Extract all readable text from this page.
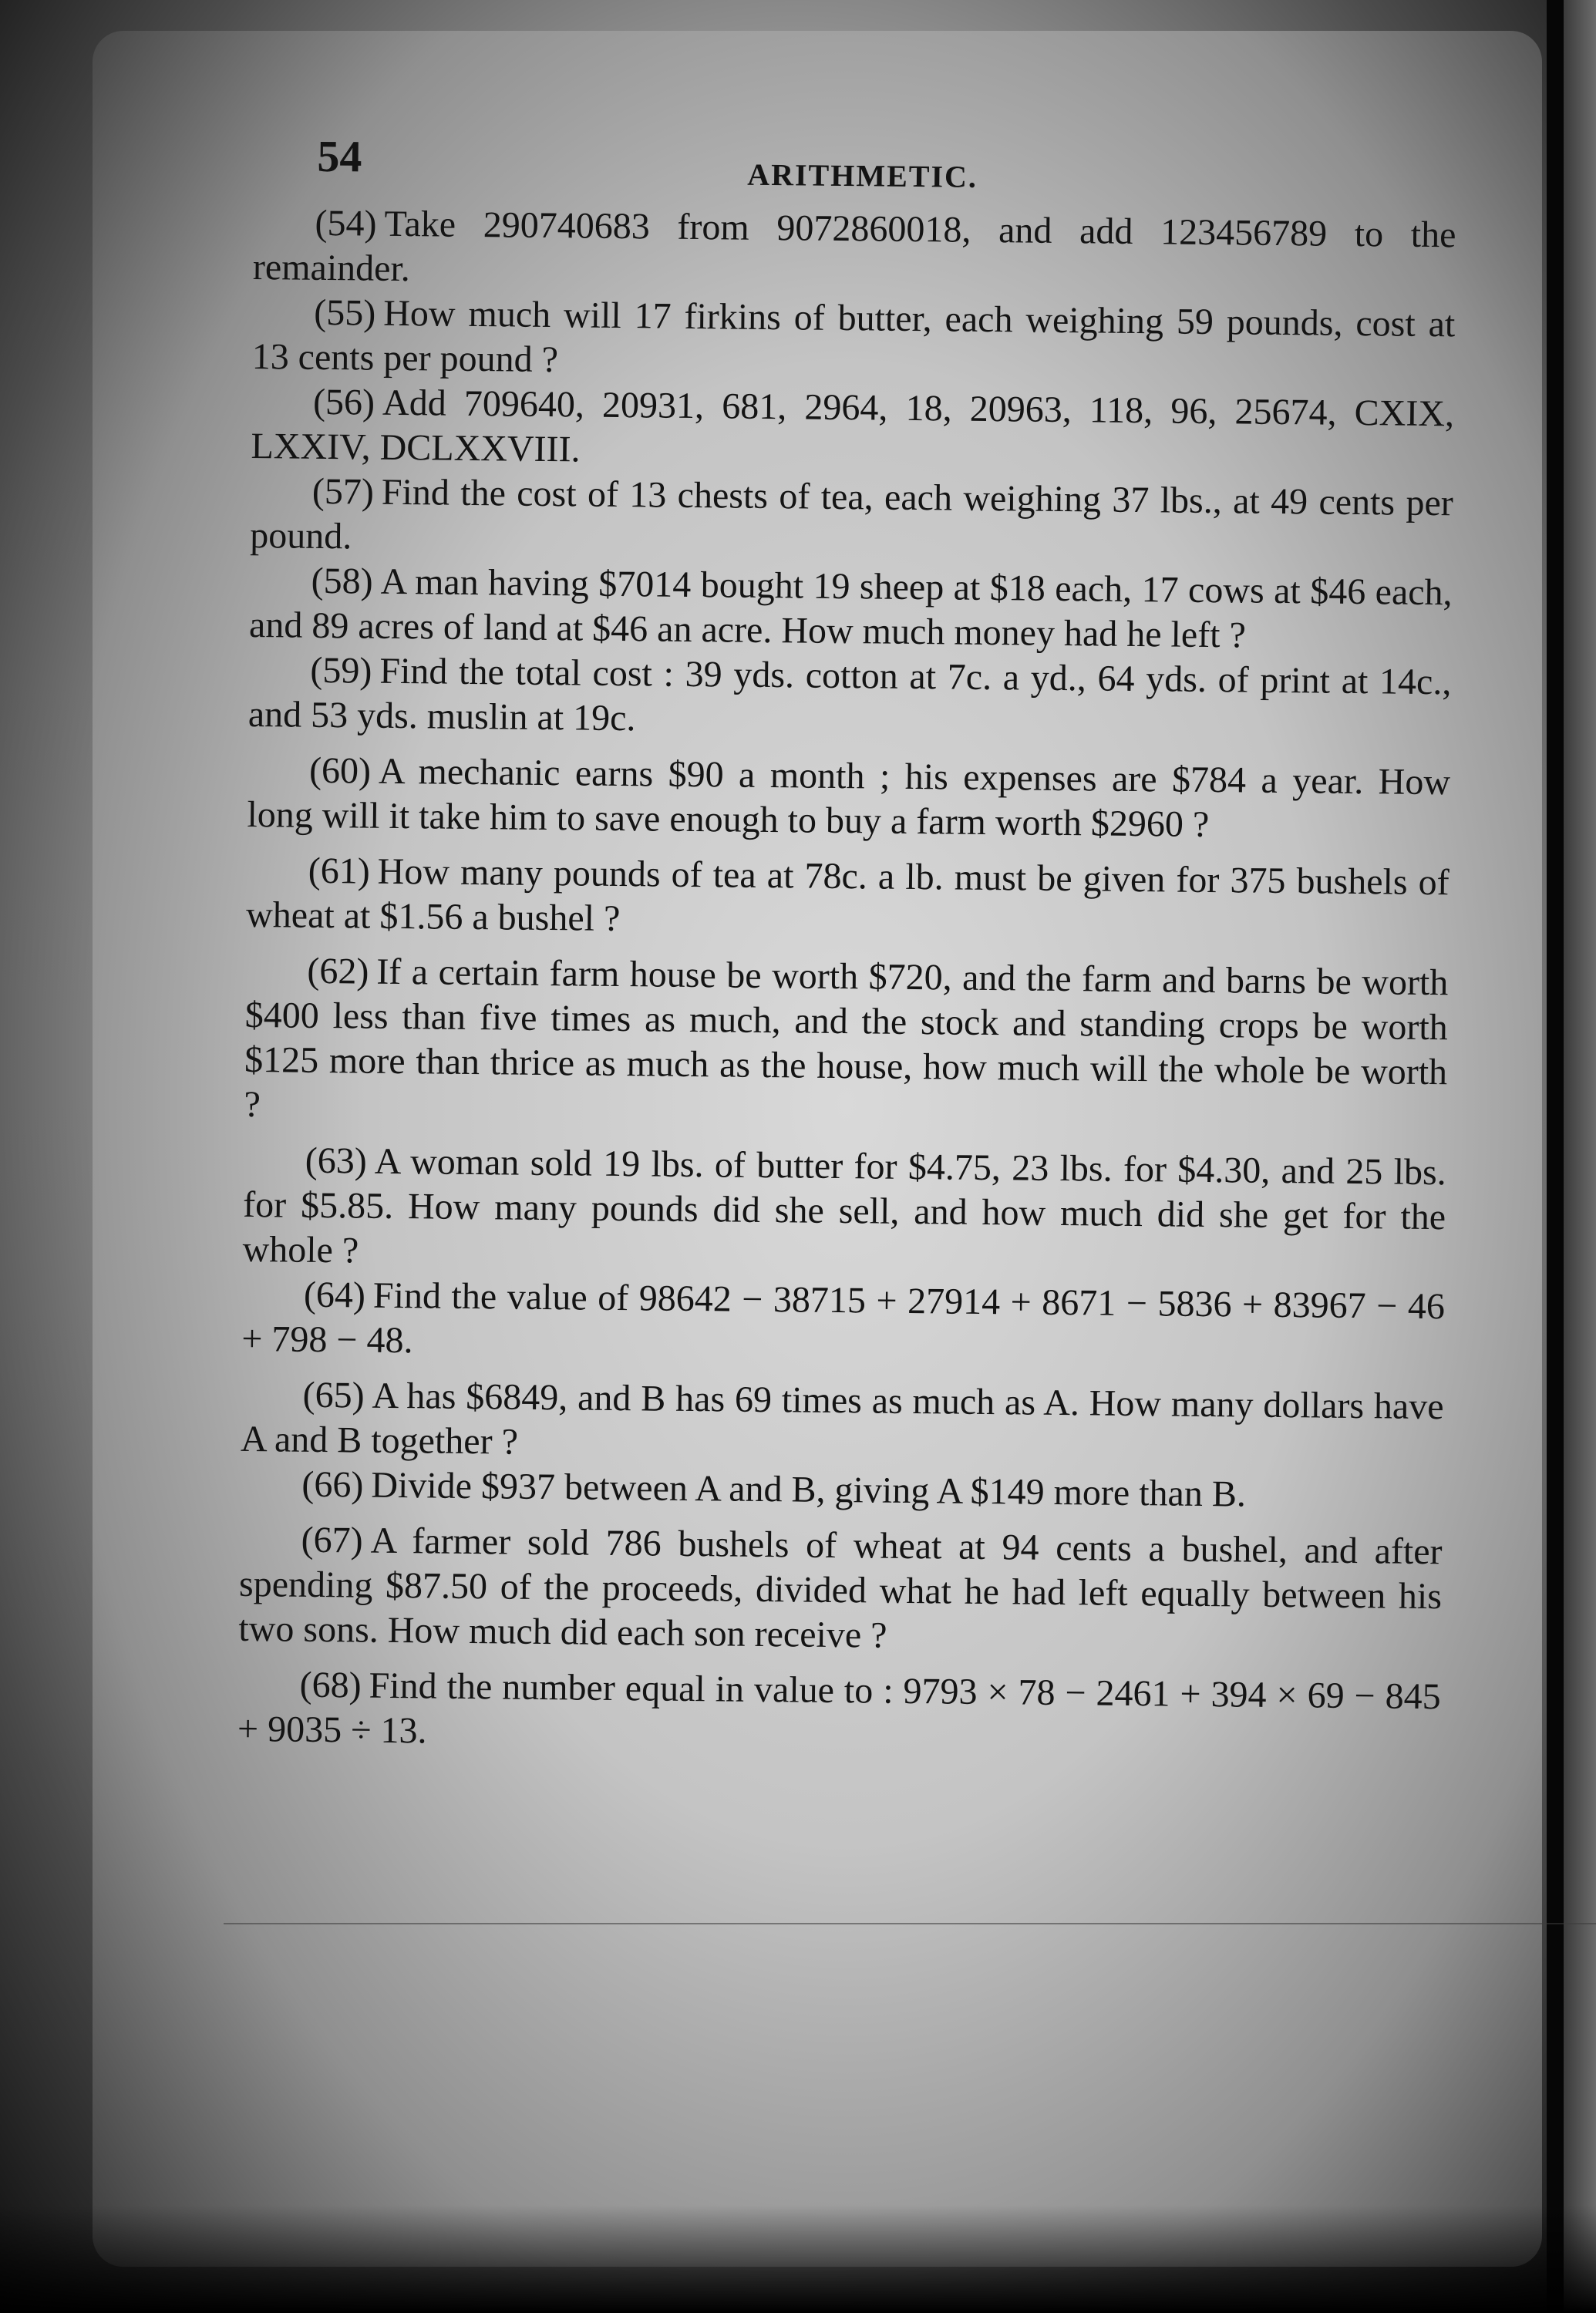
54	ARITHMETIC.

(54) Take 290740683 from 9072860018, and add 123456789 to the remainder.

(55) How much will 17 firkins of butter, each weighing 59 pounds, cost at 13 cents per pound ?

(56) Add 709640, 20931, 681, 2964, 18, 20963, 118, 96, 25674, CXIX, LXXIV, DCLXXVIII.

(57) Find the cost of 13 chests of tea, each weighing 37 lbs., at 49 cents per pound.

(58) A man having $7014 bought 19 sheep at $18 each, 17 cows at $46 each, and 89 acres of land at $46 an acre. How much money had he left ?

(59) Find the total cost : 39 yds. cotton at 7c. a yd., 64 yds. of print at 14c., and 53 yds. muslin at 19c.

(60) A mechanic earns $90 a month ; his expenses are $784 a year. How long will it take him to save enough to buy a farm worth $2960 ?

(61) How many pounds of tea at 78c. a lb. must be given for 375 bushels of wheat at $1.56 a bushel ?

(62) If a certain farm house be worth $720, and the farm and barns be worth $400 less than five times as much, and the stock and standing crops be worth $125 more than thrice as much as the house, how much will the whole be worth ?

(63) A woman sold 19 lbs. of butter for $4.75, 23 lbs. for $4.30, and 25 lbs. for $5.85. How many pounds did she sell, and how much did she get for the whole ?

(64) Find the value of 98642 − 38715 + 27914 + 8671 − 5836 + 83967 − 46 + 798 − 48.

(65) A has $6849, and B has 69 times as much as A. How many dollars have A and B together ?

(66) Divide $937 between A and B, giving A $149 more than B.

(67) A farmer sold 786 bushels of wheat at 94 cents a bushel, and after spending $87.50 of the proceeds, divided what he had left equally between his two sons. How much did each son receive ?

(68) Find the number equal in value to : 9793 × 78 − 2461 + 394 × 69 − 845 + 9035 ÷ 13.
